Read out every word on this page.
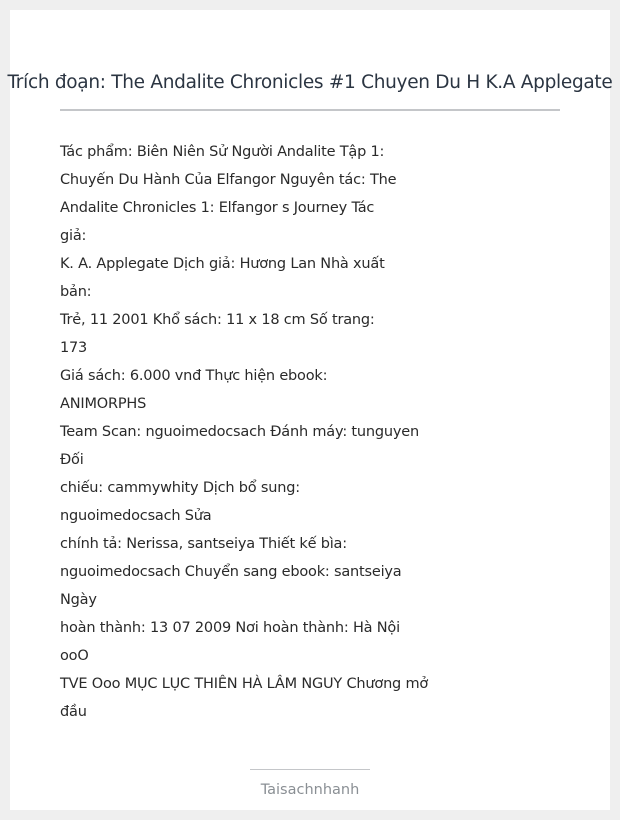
Trích đoạn: The Andalite Chronicles #1 Chuyen Du H K.A Applegate
Tác phẩm: Biên Niên Sử Người Andalite Tập 1:
Chuyến Du Hành Của Elfangor Nguyên tác: The
Andalite Chronicles 1: Elfangor s Journey Tác
giả:
K. A. Applegate Dịch giả: Hương Lan Nhà xuất
bản:
Trẻ, 11 2001 Khổ sách: 11 x 18 cm Số trang:
173
Giá sách: 6.000 vnđ Thực hiện ebook:
ANIMORPHS
Team Scan: nguoimedocsach Đánh máy: tunguyen
Đối
chiếu: cammywhity Dịch bổ sung:
nguoimedocsach Sửa
chính tả: Nerissa, santseiya Thiết kế bìa:
nguoimedocsach Chuyển sang ebook: santseiya
Ngày
hoàn thành: 13 07 2009 Nơi hoàn thành: Hà Nội
ooO
TVE Ooo MỤC LỤC THIÊN HÀ LÂM NGUY Chương mở
đầu
Taisachnhanh
